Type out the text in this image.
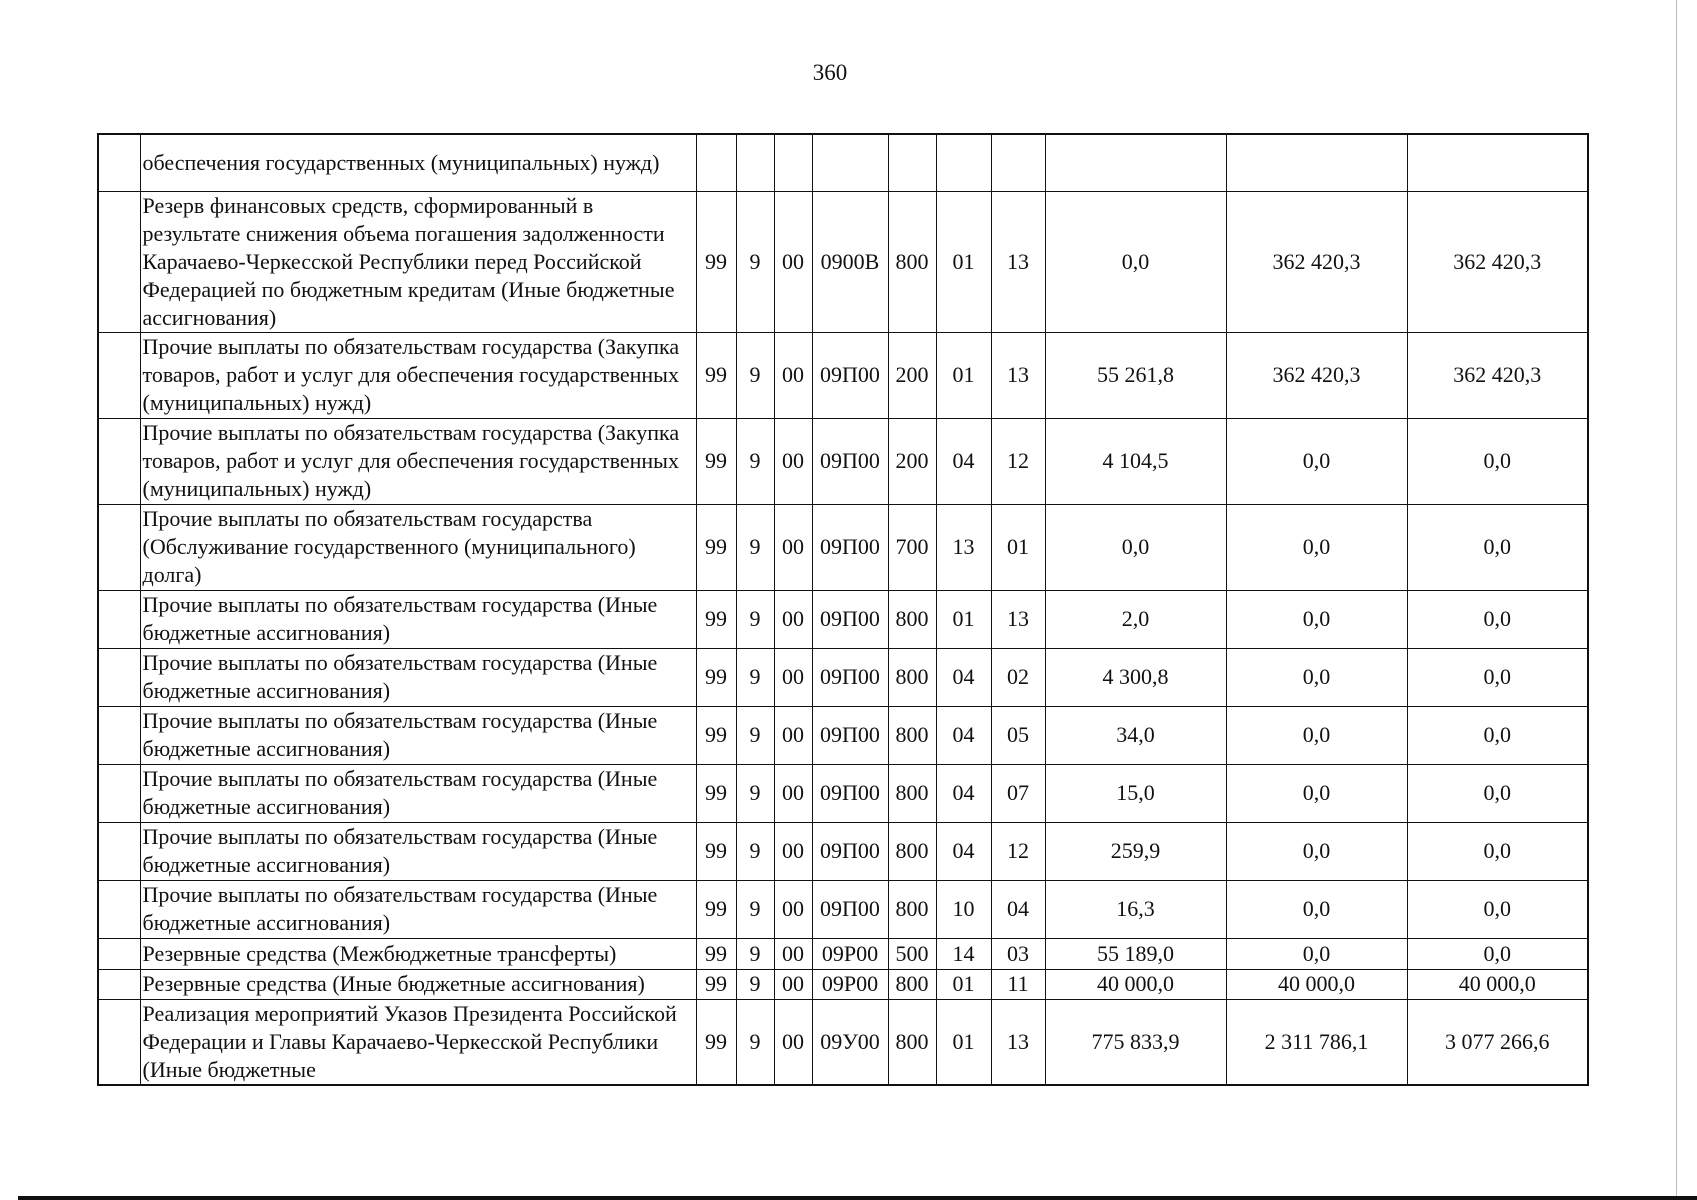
360
	обеспечения государственных (муниципальных) нужд)										
	Резерв финансовых средств, сформированный в результате снижения объема погашения задолженности Карачаево-Черкесской Республики перед Российской Федерацией по бюджетным кредитам (Иные бюджетные ассигнования)	99	9	00	0900В	800	01	13	0,0	362 420,3	362 420,3
	Прочие выплаты по обязательствам государства (Закупка товаров, работ и услуг для обеспечения государственных (муниципальных) нужд)	99	9	00	09П00	200	01	13	55 261,8	362 420,3	362 420,3
	Прочие выплаты по обязательствам государства (Закупка товаров, работ и услуг для обеспечения государственных (муниципальных) нужд)	99	9	00	09П00	200	04	12	4 104,5	0,0	0,0
	Прочие выплаты по обязательствам государства (Обслуживание государственного (муниципального) долга)	99	9	00	09П00	700	13	01	0,0	0,0	0,0
	Прочие выплаты по обязательствам государства (Иные бюджетные ассигнования)	99	9	00	09П00	800	01	13	2,0	0,0	0,0
	Прочие выплаты по обязательствам государства (Иные бюджетные ассигнования)	99	9	00	09П00	800	04	02	4 300,8	0,0	0,0
	Прочие выплаты по обязательствам государства (Иные бюджетные ассигнования)	99	9	00	09П00	800	04	05	34,0	0,0	0,0
	Прочие выплаты по обязательствам государства (Иные бюджетные ассигнования)	99	9	00	09П00	800	04	07	15,0	0,0	0,0
	Прочие выплаты по обязательствам государства (Иные бюджетные ассигнования)	99	9	00	09П00	800	04	12	259,9	0,0	0,0
	Прочие выплаты по обязательствам государства (Иные бюджетные ассигнования)	99	9	00	09П00	800	10	04	16,3	0,0	0,0
	Резервные средства (Межбюджетные трансферты)	99	9	00	09Р00	500	14	03	55 189,0	0,0	0,0
	Резервные средства (Иные бюджетные ассигнования)	99	9	00	09Р00	800	01	11	40 000,0	40 000,0	40 000,0
	Реализация мероприятий Указов Президента Российской Федерации и Главы Карачаево-Черкесской Республики (Иные бюджетные	99	9	00	09У00	800	01	13	775 833,9	2 311 786,1	3 077 266,6
